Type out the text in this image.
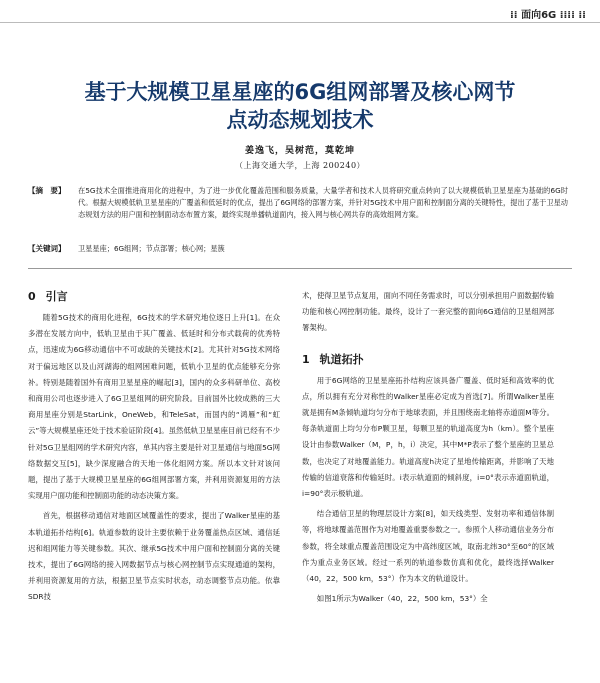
⁞⁞ 面向6G ⁞⁞⁞⁞ ⁞⁞
基于大规模卫星星座的6G组网部署及核心网节
点动态规划技术
姜逸飞，吴树范，莫乾坤
（上海交通大学，上海 200240）
【摘　要】	在5G技术全面推进商用化的进程中，为了进一步优化覆盖范围和服务质量，大量学者和技术人员将研究重点转向了以大规模低轨卫星星座为基础的6G时代。根据大规模低轨卫星星座的广覆盖和低延时的优点，提出了6G网络的部署方案，并针对5G技术中用户面和控制面分离的关键特性，提出了基于卫星动态规划方法的用户面和控制面动态布置方案，最终实现单播轨道面内，接入网与核心网共存的高效组网方案。
【关键词】	卫星星座；6G组网；节点部署；核心网；星簇
0 引言

随着5G技术的商用化进程，6G技术的学术研究地位逐日上升[1]。在众多潜在发展方向中，低轨卫星由于其广覆盖、低延时和分布式载荷的优秀特点，迅速成为6G移动通信中不可或缺的关键技术[2]。尤其针对5G技术网络对于偏远地区以及山河湖海的组网困难问题，低轨小卫星的优点能够充分弥补。特别是随着国外有商用卫星星座的崛起[3]，国内的众多科研单位、高校和商用公司也逐步进入了6G卫星组网的研究阶段。目前国外比较成熟的三大商用星座分别是StarLink，OneWeb，和TeleSat，而国内的“鸿雁”和“虹云”等大规模星座还处于技术验证阶段[4]。虽然低轨卫星星座目前已经有不少针对5G卫星组网的学术研究内容，单其内容主要是针对卫星通信与地面5G网络数据交互[5]，缺少深度融合的天地一体化组网方案。所以本文针对该问题，提出了基于大规模卫星星座的6G组网部署方案，并利用资源复用的方法实现用户面功能和控制面功能的动态决策方案。

首先，根据移动通信对地面区域覆盖性的要求，提出了Walker星座的基本轨道拓扑结构[6]。轨道参数的设计主要依赖于业务覆盖热点区域、通信延迟和组网能力等关键参数。其次、继承5G技术中用户面和控制面分离的关键技术，提出了6G网络的接入网数据节点与核心网控制节点实现通道的架构，并利用资源复用的方法，根据卫星节点实时状态，动态调整节点功能。依靠SDR技

术，使得卫星节点复用，面向不同任务需求时，可以分别承担用户面数据传输功能和核心网控制功能。最终，设计了一套完整的面向6G通信的卫星组网部署架构。

1 轨道拓扑

用于6G网络的卫星星座拓扑结构应该具备广覆盖、低时延和高效率的优点，所以拥有充分对称性的Walker星座必定成为首选[7]。所谓Walker星座就是拥有M条倾轨道均匀分布于地球表面，并且围绕南北轴将赤道面M等分。每条轨道面上均匀分布P颗卫星，每颗卫星的轨道高度为h（km）。整个星座设计由参数Walker（M，P，h，i）决定，其中M*P表示了整个星座的卫星总数，也决定了对地覆盖能力。轨道高度h决定了星地传输距离，并影响了天地传输的信道衰落和传输延时。i表示轨道面的倾斜度，i=0°表示赤道面轨道，i=90°表示极轨道。

结合通信卫星的物理层设计方案[8]，如天线类型、发射功率和通信体制等，将地球覆盖范围作为对地覆盖重要参数之一。参照个人移动通信业务分布参数，将全球重点覆盖范围设定为中高纬度区域，取南北纬30°至60°的区域作为重点业务区域。经过一系列的轨道参数仿真和优化，最终选择Walker（40，22，500 km，53°）作为本文的轨道设计。

如图1所示为Walker（40，22，500 km，53°）全
